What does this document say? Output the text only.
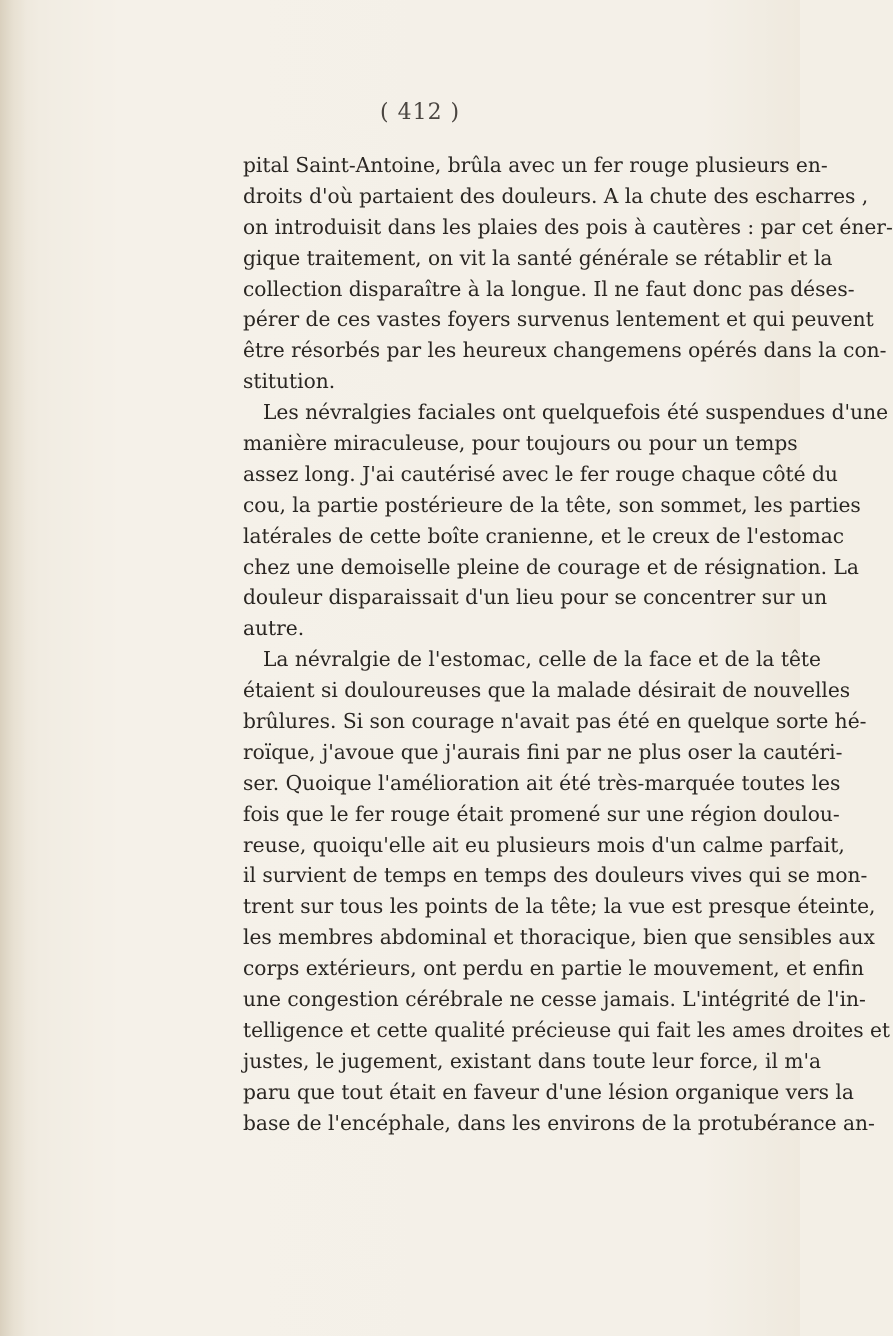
( 412 )
pital Saint-Antoine, brûla avec un fer rouge plusieurs en-
droits d'où partaient des douleurs. A la chute des escharres ,
on introduisit dans les plaies des pois à cautères : par cet éner-
gique traitement, on vit la santé générale se rétablir et la
collection disparaître à la longue. Il ne faut donc pas déses-
pérer de ces vastes foyers survenus lentement et qui peuvent
être résorbés par les heureux changemens opérés dans la con-
stitution.
Les névralgies faciales ont quelquefois été suspendues d'une
manière miraculeuse, pour toujours ou pour un temps
assez long. J'ai cautérisé avec le fer rouge chaque côté du
cou, la partie postérieure de la tête, son sommet, les parties
latérales de cette boîte cranienne, et le creux de l'estomac
chez une demoiselle pleine de courage et de résignation. La
douleur disparaissait d'un lieu pour se concentrer sur un
autre.
La névralgie de l'estomac, celle de la face et de la tête
étaient si douloureuses que la malade désirait de nouvelles
brûlures. Si son courage n'avait pas été en quelque sorte hé-
roïque, j'avoue que j'aurais fini par ne plus oser la cautéri-
ser. Quoique l'amélioration ait été très-marquée toutes les
fois que le fer rouge était promené sur une région doulou-
reuse, quoiqu'elle ait eu plusieurs mois d'un calme parfait,
il survient de temps en temps des douleurs vives qui se mon-
trent sur tous les points de la tête; la vue est presque éteinte,
les membres abdominal et thoracique, bien que sensibles aux
corps extérieurs, ont perdu en partie le mouvement, et enfin
une congestion cérébrale ne cesse jamais. L'intégrité de l'in-
telligence et cette qualité précieuse qui fait les ames droites et
justes, le jugement, existant dans toute leur force, il m'a
paru que tout était en faveur d'une lésion organique vers la
base de l'encéphale, dans les environs de la protubérance an-
